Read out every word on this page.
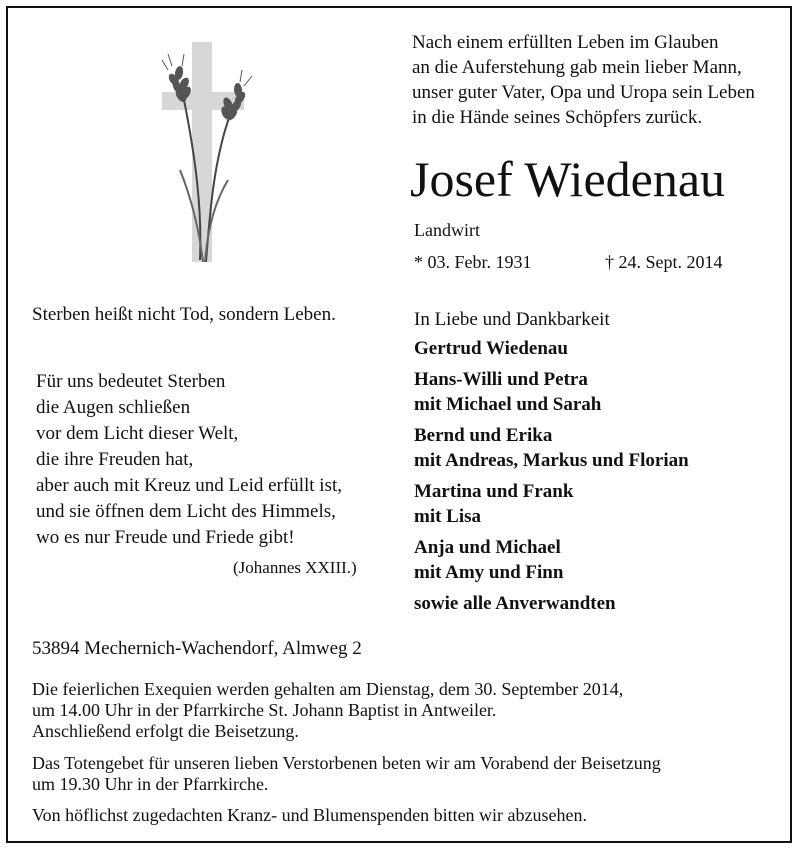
Nach einem erfüllten Leben im Glauben
an die Auferstehung gab mein lieber Mann,
unser guter Vater, Opa und Uropa sein Leben
in die Hände seines Schöpfers zurück.
Josef Wiedenau
Landwirt
* 03. Febr. 1931	† 24. Sept. 2014
Sterben heißt nicht Tod, sondern Leben.
Für uns bedeutet Sterben
die Augen schließen
vor dem Licht dieser Welt,
die ihre Freuden hat,
aber auch mit Kreuz und Leid erfüllt ist,
und sie öffnen dem Licht des Himmels,
wo es nur Freude und Friede gibt!
(Johannes XXIII.)
In Liebe und Dankbarkeit
Gertrud Wiedenau
Hans-Willi und Petra
mit Michael und Sarah
Bernd und Erika
mit Andreas, Markus und Florian
Martina und Frank
mit Lisa
Anja und Michael
mit Amy und Finn
sowie alle Anverwandten
53894 Mechernich-Wachendorf, Almweg 2
Die feierlichen Exequien werden gehalten am Dienstag, dem 30. September 2014,
um 14.00 Uhr in der Pfarrkirche St. Johann Baptist in Antweiler.
Anschließend erfolgt die Beisetzung.
Das Totengebet für unseren lieben Verstorbenen beten wir am Vorabend der Beisetzung
um 19.30 Uhr in der Pfarrkirche.
Von höflichst zugedachten Kranz- und Blumenspenden bitten wir abzusehen.
